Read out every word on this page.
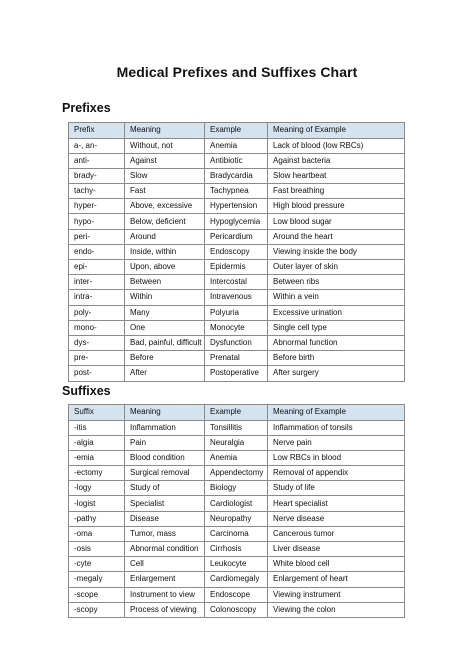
Medical Prefixes and Suffixes Chart
Prefixes
Prefix	Meaning	Example	Meaning of Example
a-, an-	Without, not	Anemia	Lack of blood (low RBCs)
anti-	Against	Antibiotic	Against bacteria
brady-	Slow	Bradycardia	Slow heartbeat
tachy-	Fast	Tachypnea	Fast breathing
hyper-	Above, excessive	Hypertension	High blood pressure
hypo-	Below, deficient	Hypoglycemia	Low blood sugar
peri-	Around	Pericardium	Around the heart
endo-	Inside, within	Endoscopy	Viewing inside the body
epi-	Upon, above	Epidermis	Outer layer of skin
inter-	Between	Intercostal	Between ribs
intra-	Within	Intravenous	Within a vein
poly-	Many	Polyuria	Excessive urination
mono-	One	Monocyte	Single cell type
dys-	Bad, painful, difficult	Dysfunction	Abnormal function
pre-	Before	Prenatal	Before birth
post-	After	Postoperative	After surgery
Suffixes
Suffix	Meaning	Example	Meaning of Example
-itis	Inflammation	Tonsillitis	Inflammation of tonsils
-algia	Pain	Neuralgia	Nerve pain
-emia	Blood condition	Anemia	Low RBCs in blood
-ectomy	Surgical removal	Appendectomy	Removal of appendix
-logy	Study of	Biology	Study of life
-logist	Specialist	Cardiologist	Heart specialist
-pathy	Disease	Neuropathy	Nerve disease
-oma	Tumor, mass	Carcinoma	Cancerous tumor
-osis	Abnormal condition	Cirrhosis	Liver disease
-cyte	Cell	Leukocyte	White blood cell
-megaly	Enlargement	Cardiomegaly	Enlargement of heart
-scope	Instrument to view	Endoscope	Viewing instrument
-scopy	Process of viewing	Colonoscopy	Viewing the colon
